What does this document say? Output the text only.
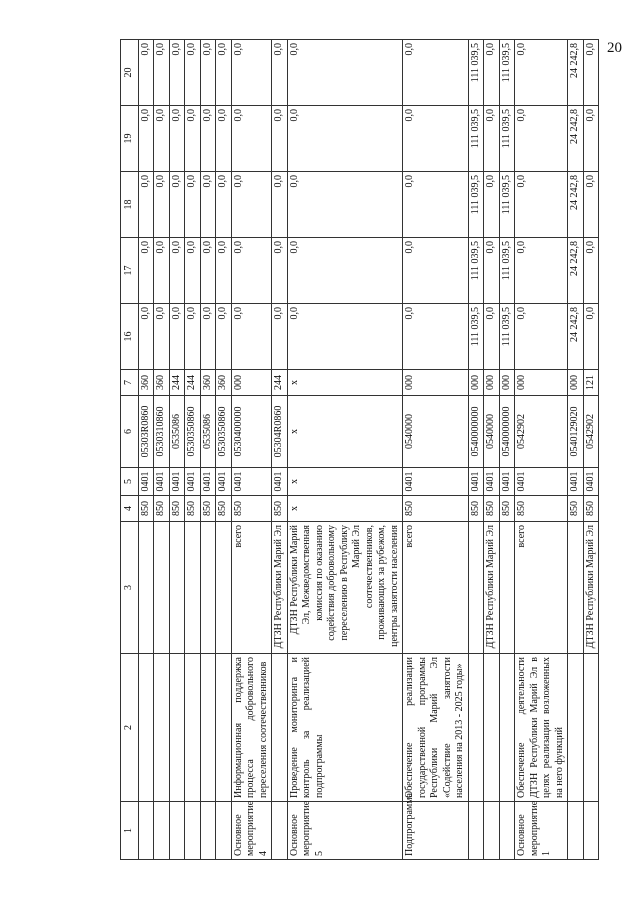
20
1	2	3	4	5	6	7	16	17	18	19	20
			850	0401	05303R0860	360	0,0	0,0	0,0	0,0	0,0
			850	0401	0530310860	360	0,0	0,0	0,0	0,0	0,0
			850	0401	0535086	244	0,0	0,0	0,0	0,0	0,0
			850	0401	0530350860	244	0,0	0,0	0,0	0,0	0,0
			850	0401	0535086	360	0,0	0,0	0,0	0,0	0,0
			850	0401	0530350860	360	0,0	0,0	0,0	0,0	0,0
Основное мероприятие 4	Информационная поддержка процесса добровольного переселения соотечественников	всего	850	0401	0530400000	000	0,0	0,0	0,0	0,0	0,0
		ДТЗН Республики Марий Эл	850	0401	05304R0860	244	0,0	0,0	0,0	0,0	0,0
Основное мероприятие 5	Проведение мониторинга и контроль за реализацией подпрограммы	ДТЗН Республики Марий Эл, Межведомственная комиссия по оказанию содействия добровольному переселению в Республику Марий Эл соотечественников, проживающих за рубежом, центры занятости населения	x	x	x	x	0,0	0,0	0,0	0,0	0,0
Подпрограмма	Обеспечение реализации государственной программы Республики Марий Эл «Содействие занятости населения на 2013 - 2025 годы»	всего	850	0401	0540000	000	0,0	0,0	0,0	0,0	0,0
			850	0401	0540000000	000	111 039,5	111 039,5	111 039,5	111 039,5	111 039,5
		ДТЗН Республики Марий Эл	850	0401	0540000	000	0,0	0,0	0,0	0,0	0,0
			850	0401	0540000000	000	111 039,5	111 039,5	111 039,5	111 039,5	111 039,5
Основное мероприятие 1	Обеспечение деятельности ДТЗН Республики Марий Эл в целях реализации возложенных на него функций	всего	850	0401	0542902	000	0,0	0,0	0,0	0,0	0,0
			850	0401	0540129020	000	24 242,8	24 242,8	24 242,8	24 242,8	24 242,8
		ДТЗН Республики Марий Эл	850	0401	0542902	121	0,0	0,0	0,0	0,0	0,0
